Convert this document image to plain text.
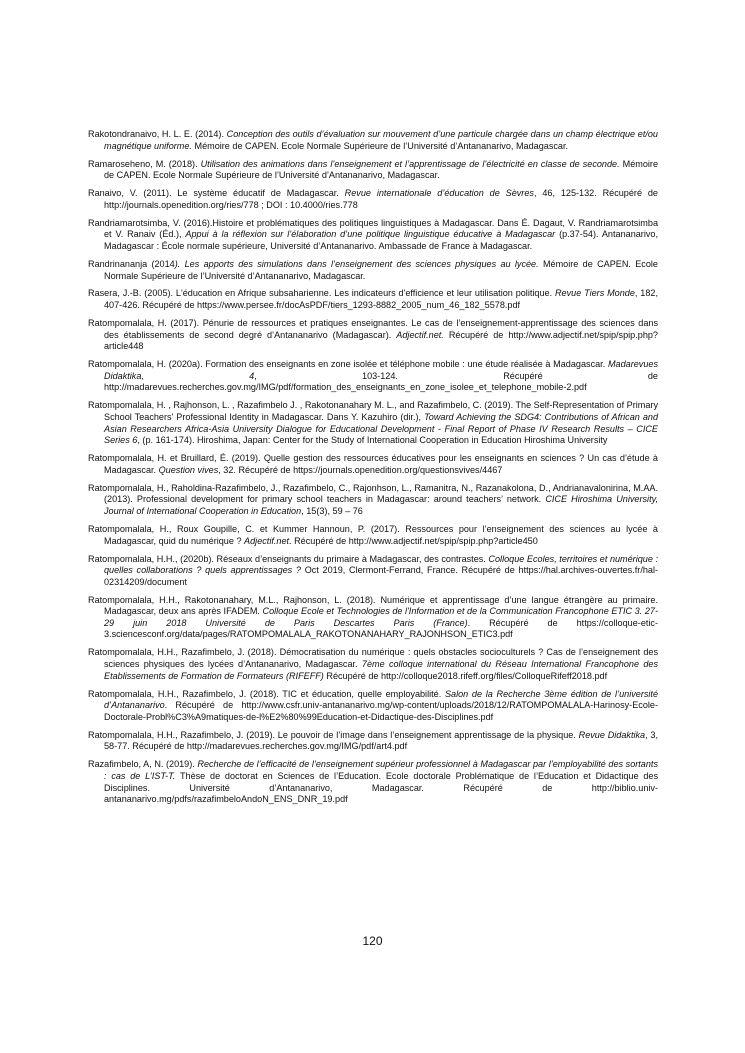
Rakotondranaivo, H. L. E. (2014). Conception des outils d’évaluation sur mouvement d’une particule chargée dans un champ électrique et/ou magnétique uniforme. Mémoire de CAPEN. Ecole Normale Supérieure de l’Université d’Antananarivo, Madagascar.

Ramaroseheno, M. (2018). Utilisation des animations dans l’enseignement et l’apprentissage de l’électricité en classe de seconde. Mémoire de CAPEN. Ecole Normale Supérieure de l’Université d’Antananarivo, Madagascar.

Ranaivo, V. (2011). Le système éducatif de Madagascar. Revue internationale d’éducation de Sèvres, 46, 125-132. Récupéré de http://journals.openedition.org/ries/778 ; DOI : 10.4000/ries.778

Randriamarotsimba, V. (2016).Histoire et problématiques des politiques linguistiques à Madagascar. Dans É. Dagaut, V. Randriamarotsimba et V. Ranaiv (Éd.), Appui à la réflexion sur l’élaboration d’une politique linguistique éducative à Madagascar (p.37-54). Antananarivo, Madagascar : École normale supérieure, Université d’Antananarivo. Ambassade de France à Madagascar.

Randrinananja (2014). Les apports des simulations dans l’enseignement des sciences physiques au lycée. Mémoire de CAPEN. Ecole Normale Supérieure de l’Université d’Antananarivo, Madagascar.

Rasera, J.-B. (2005). L'éducation en Afrique subsaharienne. Les indicateurs d'efficience et leur utilisation politique. Revue Tiers Monde, 182, 407-426. Récupéré de https://www.persee.fr/docAsPDF/tiers_1293-8882_2005_num_46_182_5578.pdf

Ratompomalala, H. (2017). Pénurie de ressources et pratiques enseignantes. Le cas de l’enseignement-apprentissage des sciences dans des établissements de second degré d’Antananarivo (Madagascar). Adjectif.net. Récupéré de http://www.adjectif.net/spip/spip.php?article448

Ratompomalala, H. (2020a). Formation des enseignants en zone isolée et téléphone mobile : une étude réalisée à Madagascar. Madarevues Didaktika, 4, 103-124. Récupéré de http://madarevues.recherches.gov.mg/IMG/pdf/formation_des_enseignants_en_zone_isolee_et_telephone_mobile-2.pdf

Ratompomalala, H. , Rajhonson, L. , Razafimbelo J. , Rakotonanahary M. L., and Razafimbelo, C. (2019). The Self-Representation of Primary School Teachers' Professional Identity in Madagascar. Dans Y. Kazuhiro (dir.), Toward Achieving the SDG4: Contributions of African and Asian Researchers Africa-Asia University Dialogue for Educational Development - Final Report of Phase IV Research Results – CICE Series 6, (p. 161-174). Hiroshima, Japan: Center for the Study of International Cooperation in Education Hiroshima University

Ratompomalala, H. et Bruillard, É. (2019). Quelle gestion des ressources éducatives pour les enseignants en sciences ? Un cas d’étude à Madagascar. Question vives, 32. Récupéré de https://journals.openedition.org/questionsvives/4467

Ratompomalala, H., Raholdina-Razafimbelo, J., Razafimbelo, C., Rajonhson, L., Ramanitra, N., Razanakolona, D., Andrianavalonirina, M.AA. (2013). Professional development for primary school teachers in Madagascar: around teachers’ network. CICE Hiroshima University, Journal of International Cooperation in Education, 15(3), 59 – 76

Ratompomalala, H., Roux Goupille, C. et Kummer Hannoun, P. (2017). Ressources pour l’enseignement des sciences au lycée à Madagascar, quid du numérique ? Adjectif.net. Récupéré de http://www.adjectif.net/spip/spip.php?article450

Ratompomalala, H.H., (2020b). Réseaux d’enseignants du primaire à Madagascar, des contrastes. Colloque Ecoles, territoires et numérique : quelles collaborations ? quels apprentissages ? Oct 2019, Clermont-Ferrand, France. Récupéré de https://hal.archives-ouvertes.fr/hal-02314209/document

Ratompomalala, H.H., Rakotonanahary, M.L., Rajhonson, L. (2018). Numérique et apprentissage d’une langue étrangère au primaire. Madagascar, deux ans après IFADEM. Colloque Ecole et Technologies de l'Information et de la Communication Francophone ETIC 3. 27-29 juin 2018 Université de Paris Descartes Paris (France). Récupéré de https://colloque-etic-3.sciencesconf.org/data/pages/RATOMPOMALALA_RAKOTONANAHARY_RAJONHSON_ETIC3.pdf

Ratompomalala, H.H., Razafimbelo, J. (2018). Démocratisation du numérique : quels obstacles socioculturels ? Cas de l’enseignement des sciences physiques des lycées d’Antananarivo, Madagascar. 7ème colloque international du Réseau International Francophone des Etablissements de Formation de Formateurs (RIFEFF) Récupéré de http://colloque2018.rifeff.org/files/ColloqueRifeff2018.pdf

Ratompomalala, H.H., Razafimbelo, J. (2018). TIC et éducation, quelle employabilité. Salon de la Recherche 3ème édition de l’université d’Antananarivo. Récupéré de http://www.csfr.univ-antananarivo.mg/wp-content/uploads/2018/12/RATOMPOMALALA-Harinosy-Ecole-Doctorale-Probl%C3%A9matiques-de-l%E2%80%99Education-et-Didactique-des-Disciplines.pdf

Ratompomalala, H.H., Razafimbelo, J. (2019). Le pouvoir de l’image dans l’enseignement apprentissage de la physique. Revue Didaktika, 3, 58-77. Récupéré de http://madarevues.recherches.gov.mg/IMG/pdf/art4.pdf

Razafimbelo, A, N. (2019). Recherche de l’efficacité de l’enseignement supérieur professionnel à Madagascar par l’employabilité des sortants : cas de L’IST-T. Thèse de doctorat en Sciences de l’Education. Ecole doctorale Problématique de l’Education et Didactique des Disciplines. Université d’Antananarivo, Madagascar. Récupéré de http://biblio.univ-antananarivo.mg/pdfs/razafimbeloAndoN_ENS_DNR_19.pdf

120
